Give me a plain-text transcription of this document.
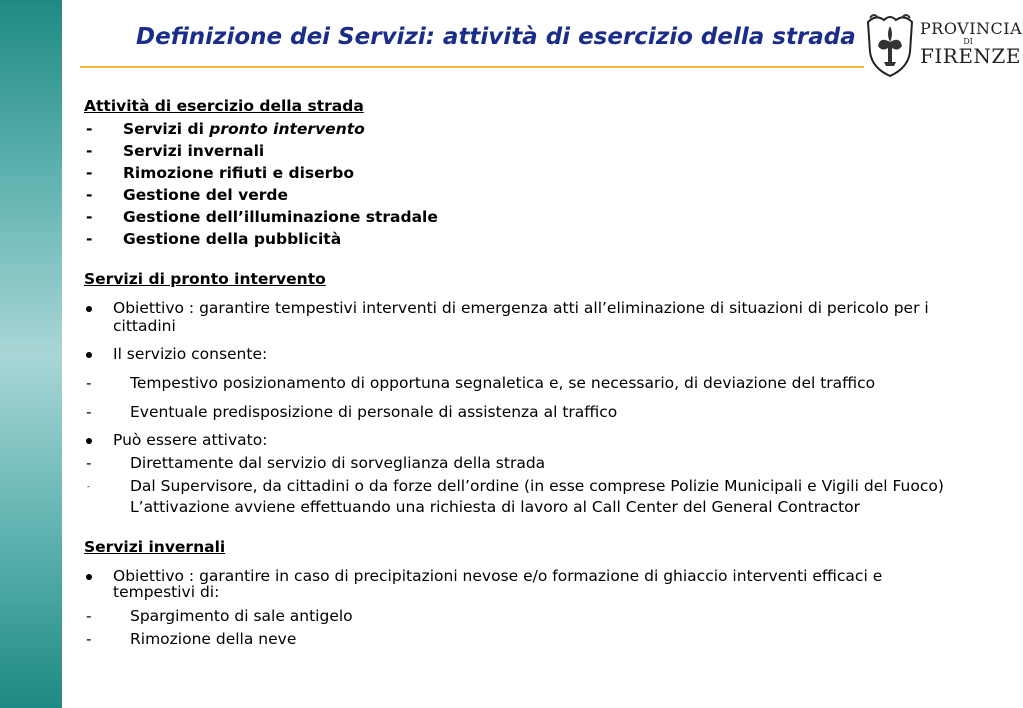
Definizione dei Servizi: attività di esercizio della strada	PROVINCIA
DI
FIRENZE
Attività di esercizio della strada
- Servizi di pronto intervento
- Servizi invernali
- Rimozione rifiuti e diserbo
- Gestione del verde
- Gestione dell’illuminazione stradale
- Gestione della pubblicità
Servizi di pronto intervento
Obiettivo : garantire tempestivi interventi di emergenza atti all’eliminazione di situazioni di pericolo per i
cittadini
Il servizio consente:
- Tempestivo posizionamento di opportuna segnaletica e, se necessario, di deviazione del traffico
- Eventuale predisposizione di personale di assistenza al traffico
Può essere attivato:
- Direttamente dal servizio di sorveglianza della strada
-	Dal Supervisore, da cittadini o da forze dell’ordine (in esse comprese Polizie Municipali e Vigili del Fuoco)
L’attivazione avviene effettuando una richiesta di lavoro al Call Center del General Contractor
Servizi invernali
Obiettivo : garantire in caso di precipitazioni nevose e/o formazione di ghiaccio interventi efficaci e
tempestivi di:
- Spargimento di sale antigelo
- Rimozione della neve
